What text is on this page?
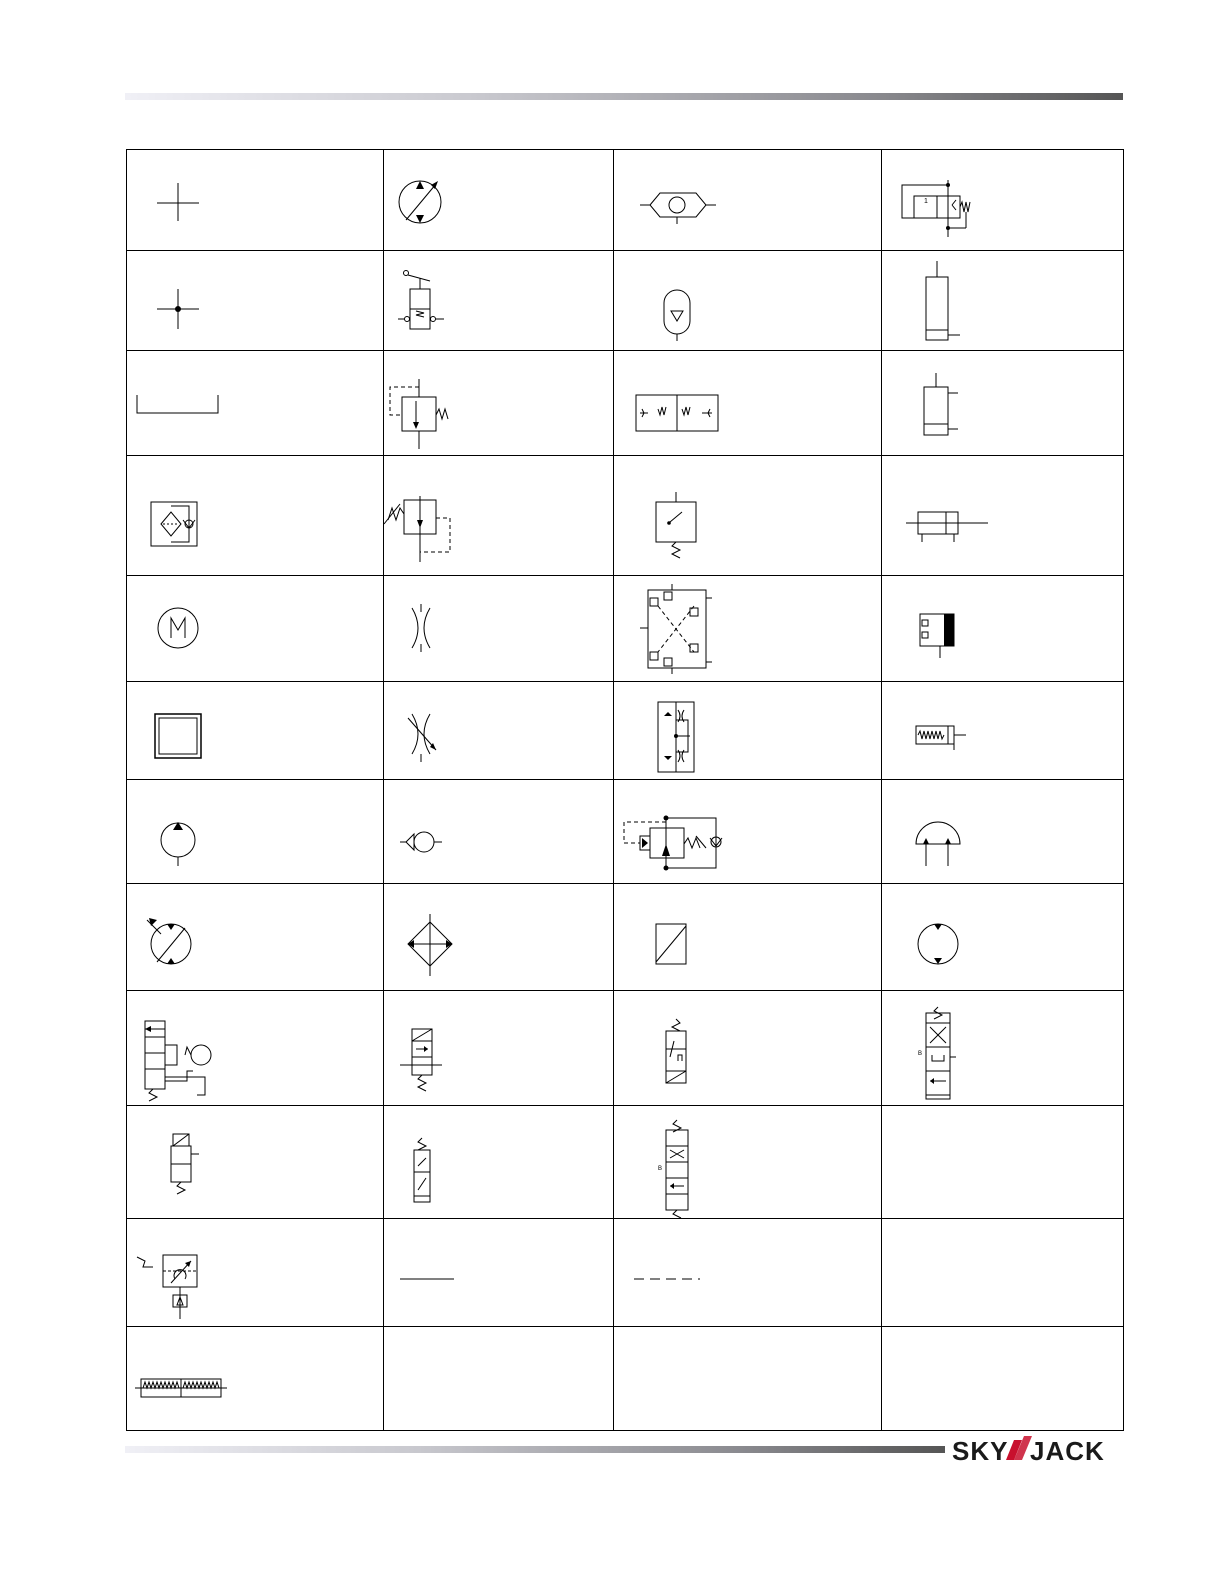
1

B

B	

SKY JACK
